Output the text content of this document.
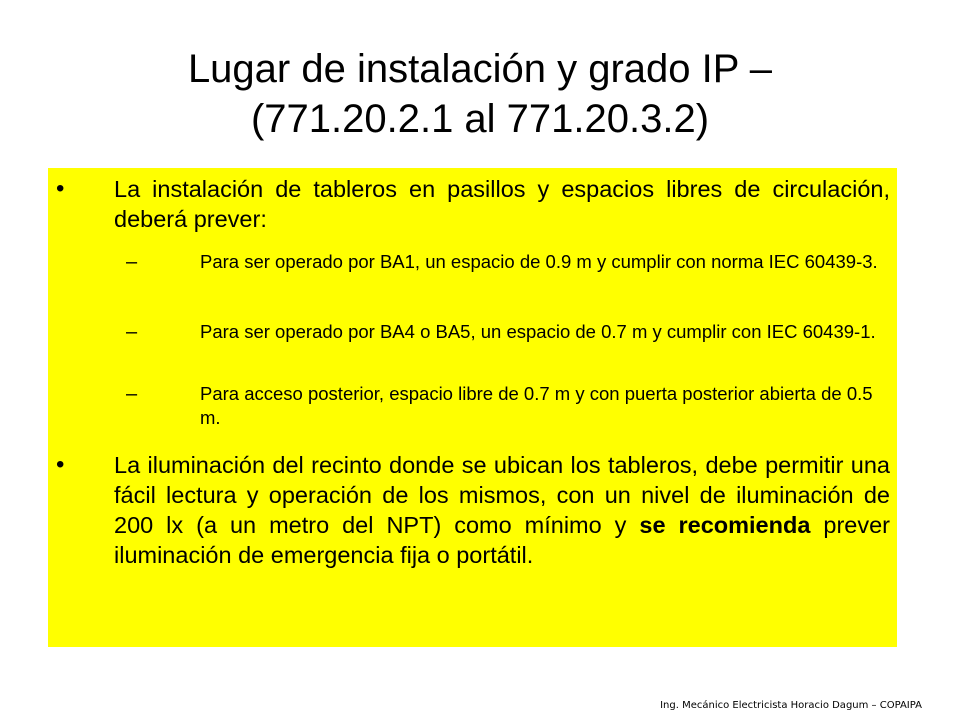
Lugar de instalación y grado IP –
(771.20.2.1 al 771.20.3.2)
• La instalación de tableros en pasillos y espacios libres de circulación, deberá prever:
–	Para ser operado por BA1, un espacio de 0.9 m y cumplir con norma IEC 60439-3.
–	Para ser operado por BA4 o BA5, un espacio de 0.7 m y cumplir con IEC 60439-1.
–	Para acceso posterior, espacio libre de 0.7 m y con puerta posterior abierta de 0.5 m.
• La iluminación del recinto donde se ubican los tableros, debe permitir una fácil lectura y operación de los mismos, con un nivel de iluminación de 200 lx (a un metro del NPT) como mínimo y se recomienda prever iluminación de emergencia fija o portátil.
Ing. Mecánico Electricista Horacio Dagum – COPAIPA
